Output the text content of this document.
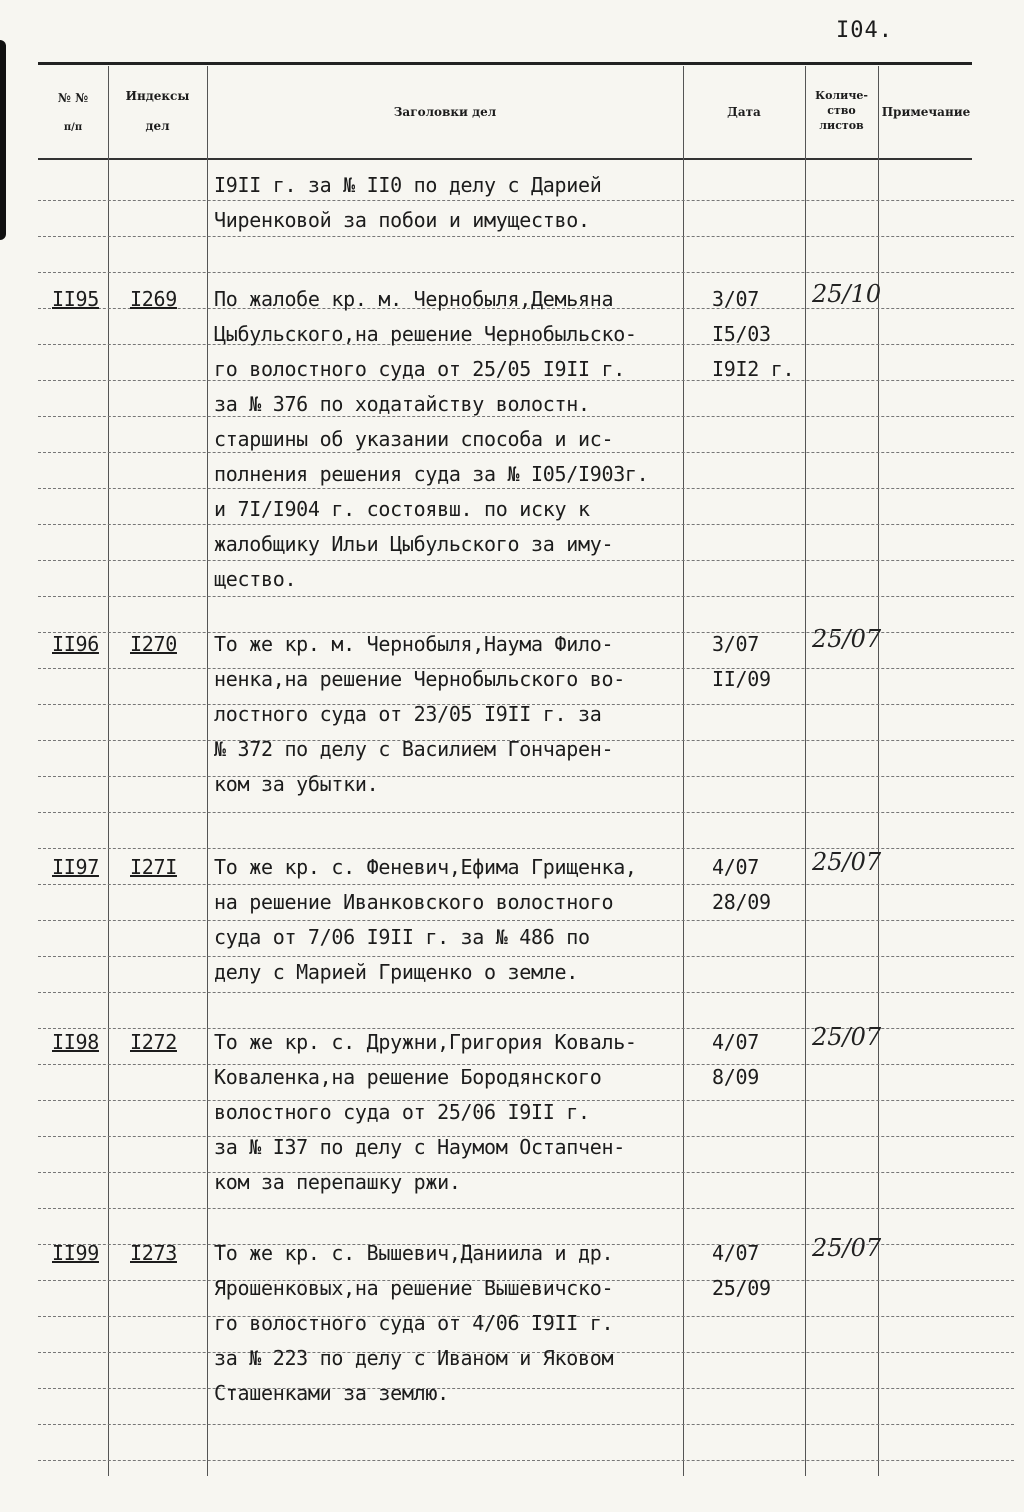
I04.
№ №
п/п
Индексы
дел
Заголовки дел	Дата
Количе-
ство
листов
Примечание
I9II г. за № II0 по делу с Дарией
Чиренковой за побои и имущество.
II95 I269 По жалобе кр. м. Чернобыля,Демьяна
Цыбульского,на решение Чернобыльско-
го волостного суда от 25/05 I9II г.
за № 376 по ходатайству волостн.
старшины об указании способа и ис-
полнения решения суда за № I05/I903г.
и 7I/I904 г. состоявш. по иску к
жалобщику Ильи Цыбульского за иму-
щество.
3/07
I5/03
I9I2 г.
25/10
II96 I270 То же кр. м. Чернобыля,Наума Фило-
ненка,на решение Чернобыльского во-
лостного суда от 23/05 I9II г. за
№ 372 по делу с Василием Гончарен-
ком за убытки.
3/07
II/09
25/07
II97 I27I То же кр. с. Феневич,Ефима Грищенка,
на решение Иванковского волостного
суда от 7/06 I9II г. за № 486 по
делу с Марией Грищенко о земле.
4/07
28/09
25/07
II98 I272 То же кр. с. Дружни,Григория Коваль-
Коваленка,на решение Бородянского
волостного суда от 25/06 I9II г.
за № I37 по делу с Наумом Остапчен-
ком за перепашку ржи.
4/07
8/09
25/07
II99 I273 То же кр. с. Вышевич,Даниила и др.
Ярошенковых,на решение Вышевичско-
го волостного суда от 4/06 I9II г.
за № 223 по делу с Иваном и Яковом
Сташенками за землю.
4/07
25/09
25/07
